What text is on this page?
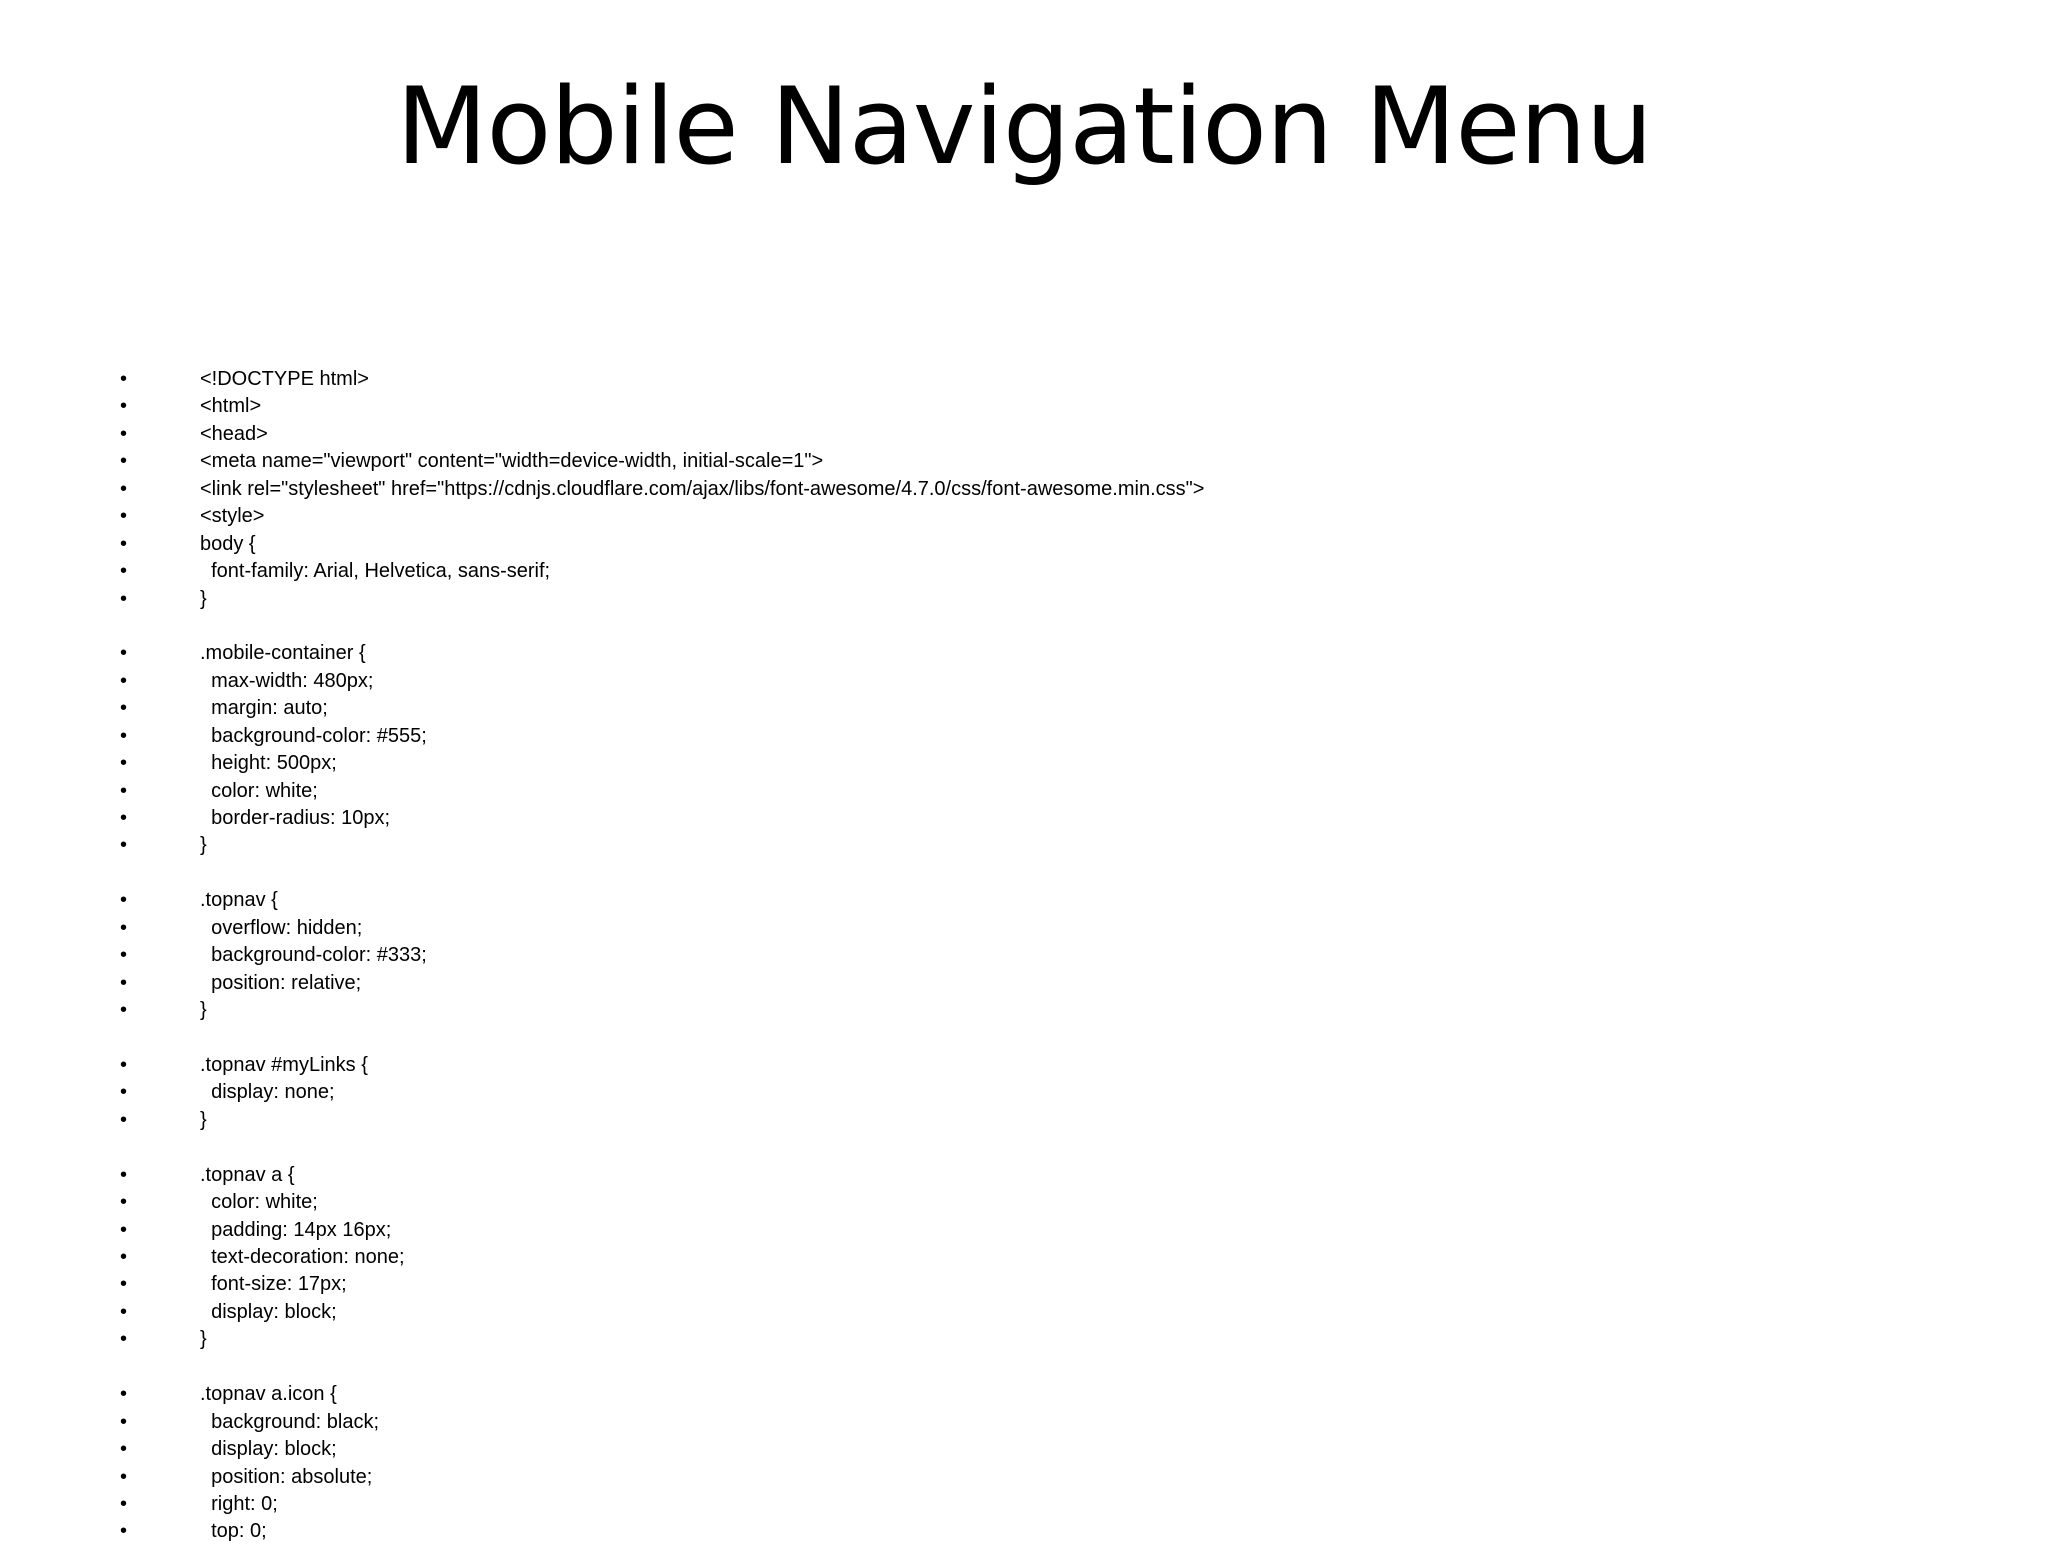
Mobile Navigation Menu
•	<!DOCTYPE html>
•	<html>
•	<head>
•	<meta name="viewport" content="width=device-width, initial-scale=1">
•	<link rel="stylesheet" href="https://cdnjs.cloudflare.com/ajax/libs/font-awesome/4.7.0/css/font-awesome.min.css">
•	<style>
•	body {
•	font-family: Arial, Helvetica, sans-serif;
•	}
•	.mobile-container {
•	max-width: 480px;
•	margin: auto;
•	background-color: #555;
•	height: 500px;
•	color: white;
•	border-radius: 10px;
•	}
•	.topnav {
•	overflow: hidden;
•	background-color: #333;
•	position: relative;
•	}
•	.topnav #myLinks {
•	display: none;
•	}
•	.topnav a {
•	color: white;
•	padding: 14px 16px;
•	text-decoration: none;
•	font-size: 17px;
•	display: block;
•	}
•	.topnav a.icon {
•	background: black;
•	display: block;
•	position: absolute;
•	right: 0;
•	top: 0;
